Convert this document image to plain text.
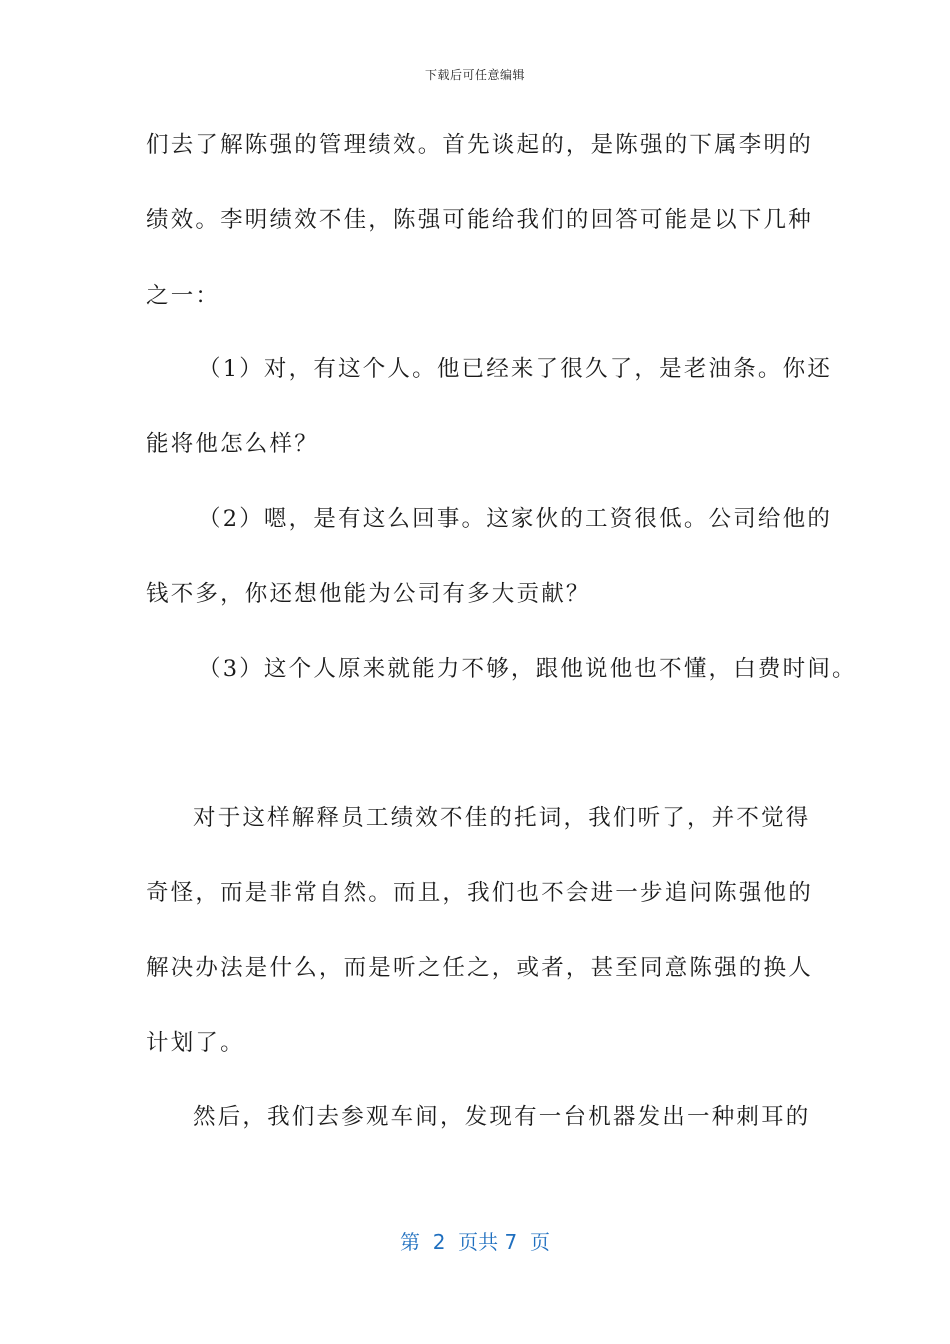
下载后可任意编辑
们去了解陈强的管理绩效。首先谈起的，是陈强的下属李明的
绩效。李明绩效不佳，陈强可能给我们的回答可能是以下几种
之一：
（1）对，有这个人。他已经来了很久了，是老油条。你还
能将他怎么样？
（2）嗯，是有这么回事。这家伙的工资很低。公司给他的
钱不多，你还想他能为公司有多大贡献？
（3）这个人原来就能力不够，跟他说他也不懂，白费时间。
对于这样解释员工绩效不佳的托词，我们听了，并不觉得
奇怪，而是非常自然。而且，我们也不会进一步追问陈强他的
解决办法是什么，而是听之任之，或者，甚至同意陈强的换人
计划了。
然后，我们去参观车间，发现有一台机器发出一种刺耳的
第  2  页共 7  页
